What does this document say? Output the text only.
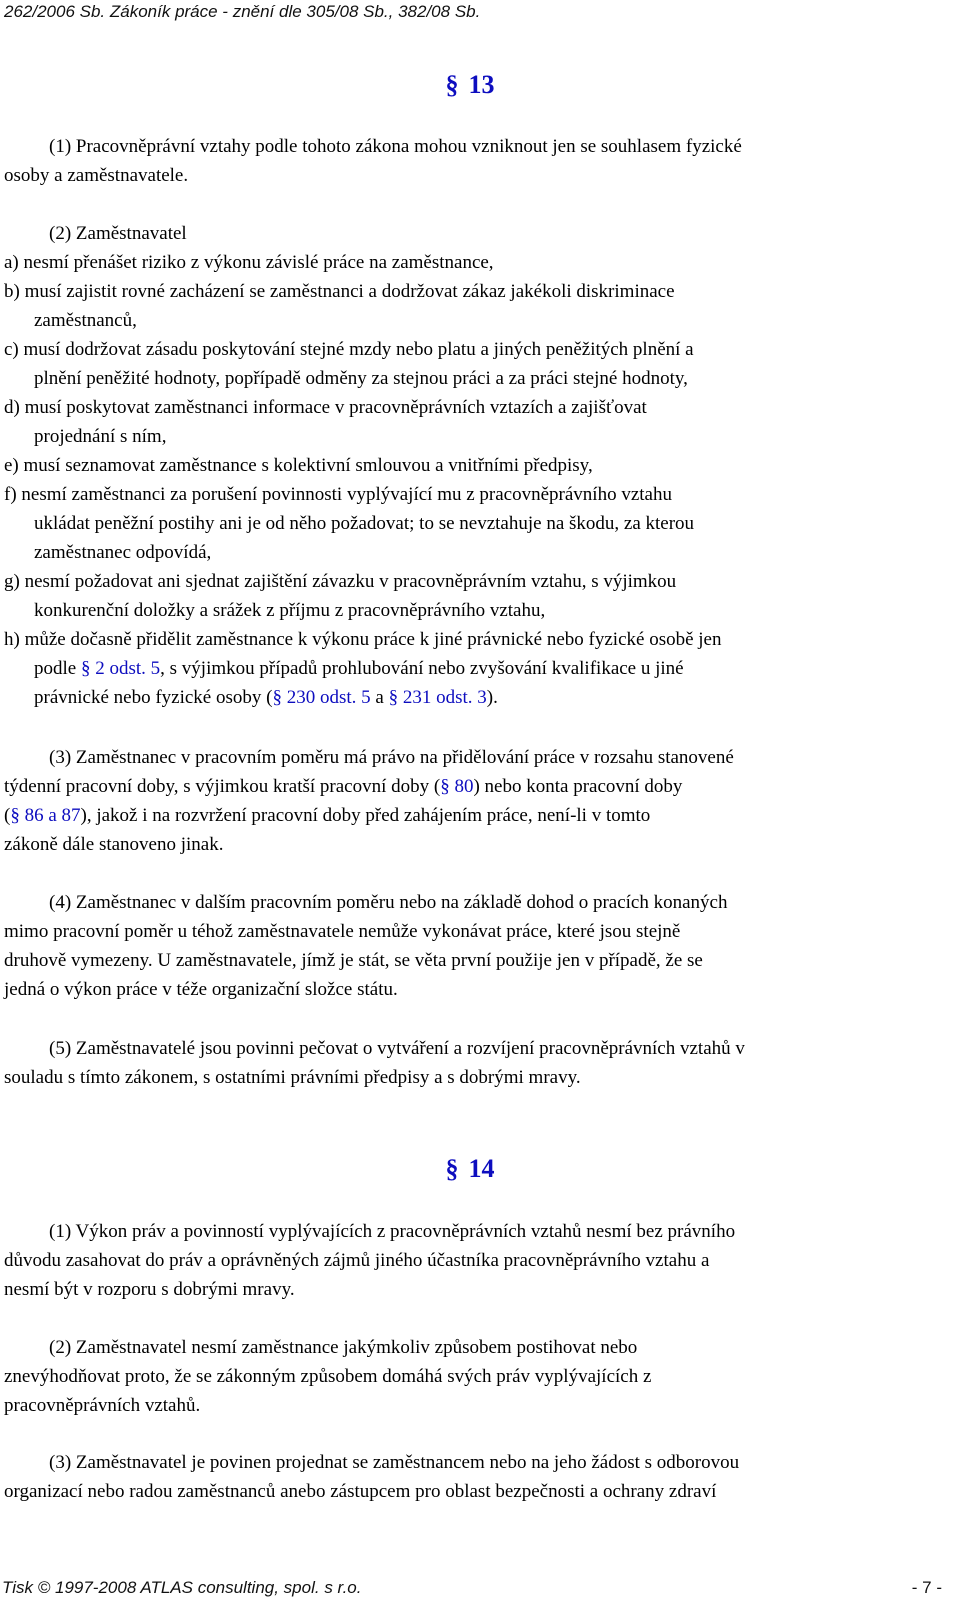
262/2006 Sb. Zákoník práce - znění dle 305/08 Sb., 382/08 Sb.
§ 13
(1) Pracovněprávní vztahy podle tohoto zákona mohou vzniknout jen se souhlasem fyzické
osoby a zaměstnavatele.
(2) Zaměstnavatel
a) nesmí přenášet riziko z výkonu závislé práce na zaměstnance,
b) musí zajistit rovné zacházení se zaměstnanci a dodržovat zákaz jakékoli diskriminace
zaměstnanců,
c) musí dodržovat zásadu poskytování stejné mzdy nebo platu a jiných peněžitých plnění a
plnění peněžité hodnoty, popřípadě odměny za stejnou práci a za práci stejné hodnoty,
d) musí poskytovat zaměstnanci informace v pracovněprávních vztazích a zajišťovat
projednání s ním,
e) musí seznamovat zaměstnance s kolektivní smlouvou a vnitřními předpisy,
f) nesmí zaměstnanci za porušení povinnosti vyplývající mu z pracovněprávního vztahu
ukládat peněžní postihy ani je od něho požadovat; to se nevztahuje na škodu, za kterou
zaměstnanec odpovídá,
g) nesmí požadovat ani sjednat zajištění závazku v pracovněprávním vztahu, s výjimkou
konkurenční doložky a srážek z příjmu z pracovněprávního vztahu,
h) může dočasně přidělit zaměstnance k výkonu práce k jiné právnické nebo fyzické osobě jen
podle § 2 odst. 5, s výjimkou případů prohlubování nebo zvyšování kvalifikace u jiné
právnické nebo fyzické osoby (§ 230 odst. 5 a § 231 odst. 3).
(3) Zaměstnanec v pracovním poměru má právo na přidělování práce v rozsahu stanovené
týdenní pracovní doby, s výjimkou kratší pracovní doby (§ 80) nebo konta pracovní doby
(§ 86 a 87), jakož i na rozvržení pracovní doby před zahájením práce, není-li v tomto
zákoně dále stanoveno jinak.
(4) Zaměstnanec v dalším pracovním poměru nebo na základě dohod o pracích konaných
mimo pracovní poměr u téhož zaměstnavatele nemůže vykonávat práce, které jsou stejně
druhově vymezeny. U zaměstnavatele, jímž je stát, se věta první použije jen v případě, že se
jedná o výkon práce v téže organizační složce státu.
(5) Zaměstnavatelé jsou povinni pečovat o vytváření a rozvíjení pracovněprávních vztahů v
souladu s tímto zákonem, s ostatními právními předpisy a s dobrými mravy.
§ 14
(1) Výkon práv a povinností vyplývajících z pracovněprávních vztahů nesmí bez právního
důvodu zasahovat do práv a oprávněných zájmů jiného účastníka pracovněprávního vztahu a
nesmí být v rozporu s dobrými mravy.
(2) Zaměstnavatel nesmí zaměstnance jakýmkoliv způsobem postihovat nebo
znevýhodňovat proto, že se zákonným způsobem domáhá svých práv vyplývajících z
pracovněprávních vztahů.
(3) Zaměstnavatel je povinen projednat se zaměstnancem nebo na jeho žádost s odborovou
organizací nebo radou zaměstnanců anebo zástupcem pro oblast bezpečnosti a ochrany zdraví
Tisk © 1997-2008 ATLAS consulting, spol. s r.o.	- 7 -
